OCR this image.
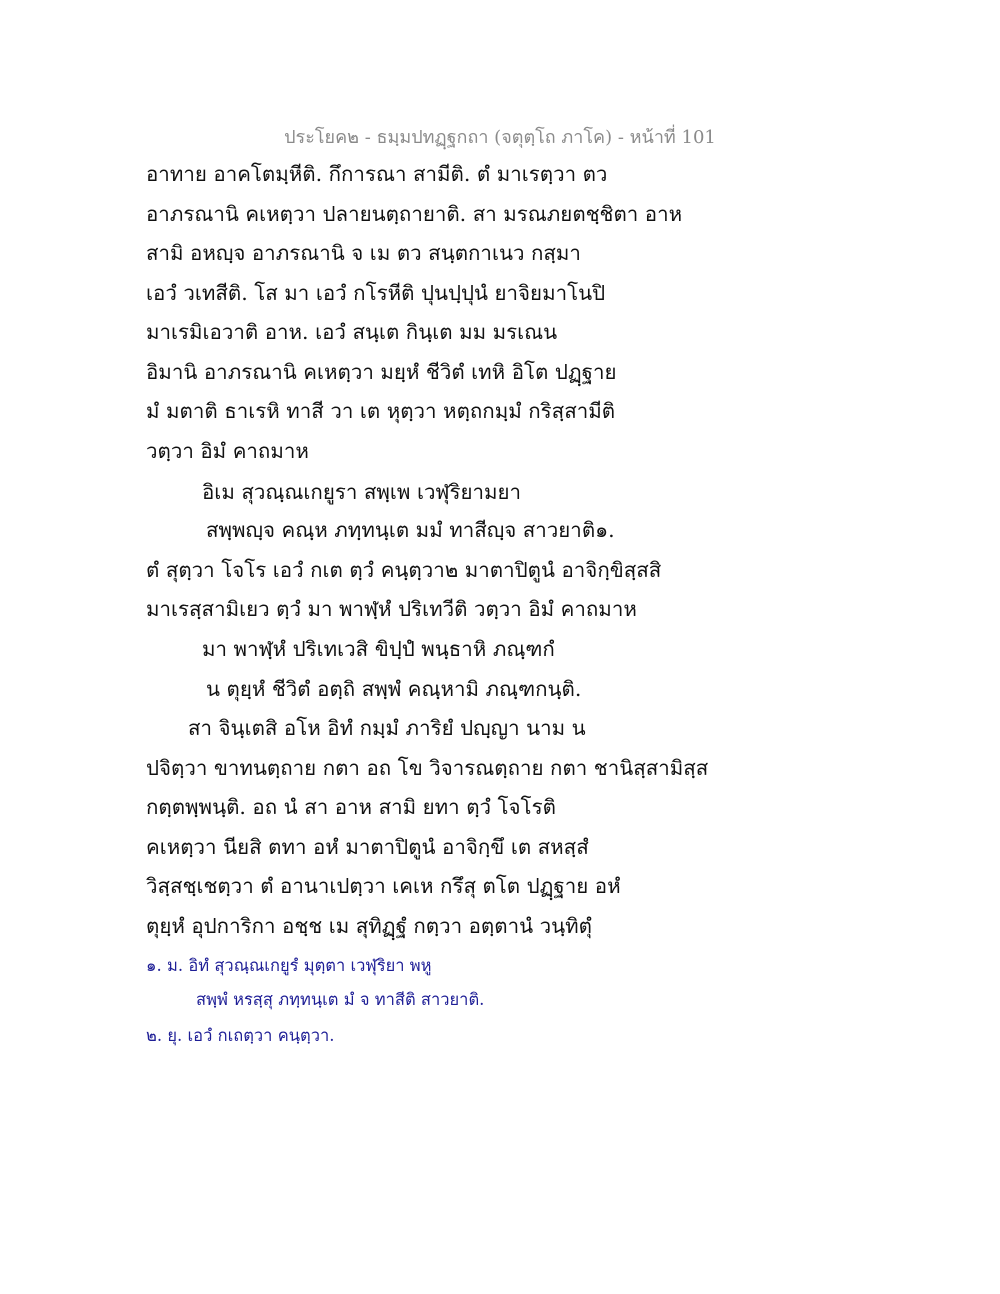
ประโยค๒ - ธมฺมปทฏฺฐกถา (จตุตฺโถ ภาโค) - หน้าที่ 101
อาทาย อาคโตมฺหีติ. กึการณา สามีติ. ตํ มาเรตฺวา ตว
อาภรณานิ คเหตฺวา ปลายนตฺถายาติ. สา มรณภยตชฺชิตา อาห
สามิ อหญฺจ อาภรณานิ จ เม ตว สนฺตกาเนว กสฺมา
เอวํ วเทสีติ. โส มา เอวํ กโรหีติ ปุนปฺปุนํ ยาจิยมาโนปิ
มาเรมิเอวาติ อาห. เอวํ สนฺเต กินฺเต มม มรเณน
อิมานิ อาภรณานิ คเหตฺวา มยฺหํ ชีวิตํ เทหิ อิโต ปฏฺฐาย
มํ มตาติ ธาเรหิ ทาสี วา เต หุตฺวา หตฺถกมฺมํ กริสฺสามีติ
วตฺวา อิมํ คาถมาห
อิเม สุวณฺณเกยูรา สพฺเพ เวฬุริยามยา
สพฺพญฺจ คณฺห ภทฺทนฺเต มมํ ทาสีญฺจ สาวยาติ๑.
ตํ สุตฺวา โจโร เอวํ กเต ตฺวํ คนฺตฺวา๒ มาตาปิตูนํ อาจิกฺขิสฺสสิ
มาเรสฺสามิเยว ตฺวํ มา พาฬฺหํ ปริเทวีติ วตฺวา อิมํ คาถมาห
มา พาฬฺหํ ปริเทเวสิ ขิปฺปํ พนฺธาหิ ภณฺฑกํ
น ตุยฺหํ ชีวิตํ อตฺถิ สพฺพํ คณฺหามิ ภณฺฑกนฺติ.
สา จินฺเตสิ อโห อิทํ กมฺมํ ภาริยํ ปญฺญา นาม น
ปจิตฺวา ขาทนตฺถาย กตา อถ โข วิจารณตฺถาย กตา ชานิสฺสามิสฺส
กตฺตพฺพนฺติ. อถ นํ สา อาห สามิ ยทา ตฺวํ โจโรติ
คเหตฺวา นียสิ ตทา อหํ มาตาปิตูนํ อาจิกฺขึ เต สหสฺสํ
วิสฺสชฺเชตฺวา ตํ อานาเปตฺวา เคเห กรึสุ ตโต ปฏฺฐาย อหํ
ตุยฺหํ อุปการิกา อชฺช เม สุทิฏฺฐํ กตฺวา อตฺตานํ วนฺทิตุํ
๑. ม. อิทํ สุวณฺณเกยูรํ มุตฺตา เวฬุริยา พหู
สพฺพํ หรสฺสุ ภทฺทนฺเต มํ จ ทาสีติ สาวยาติ.
๒. ยุ. เอวํ กเถตฺวา คนฺตฺวา.
